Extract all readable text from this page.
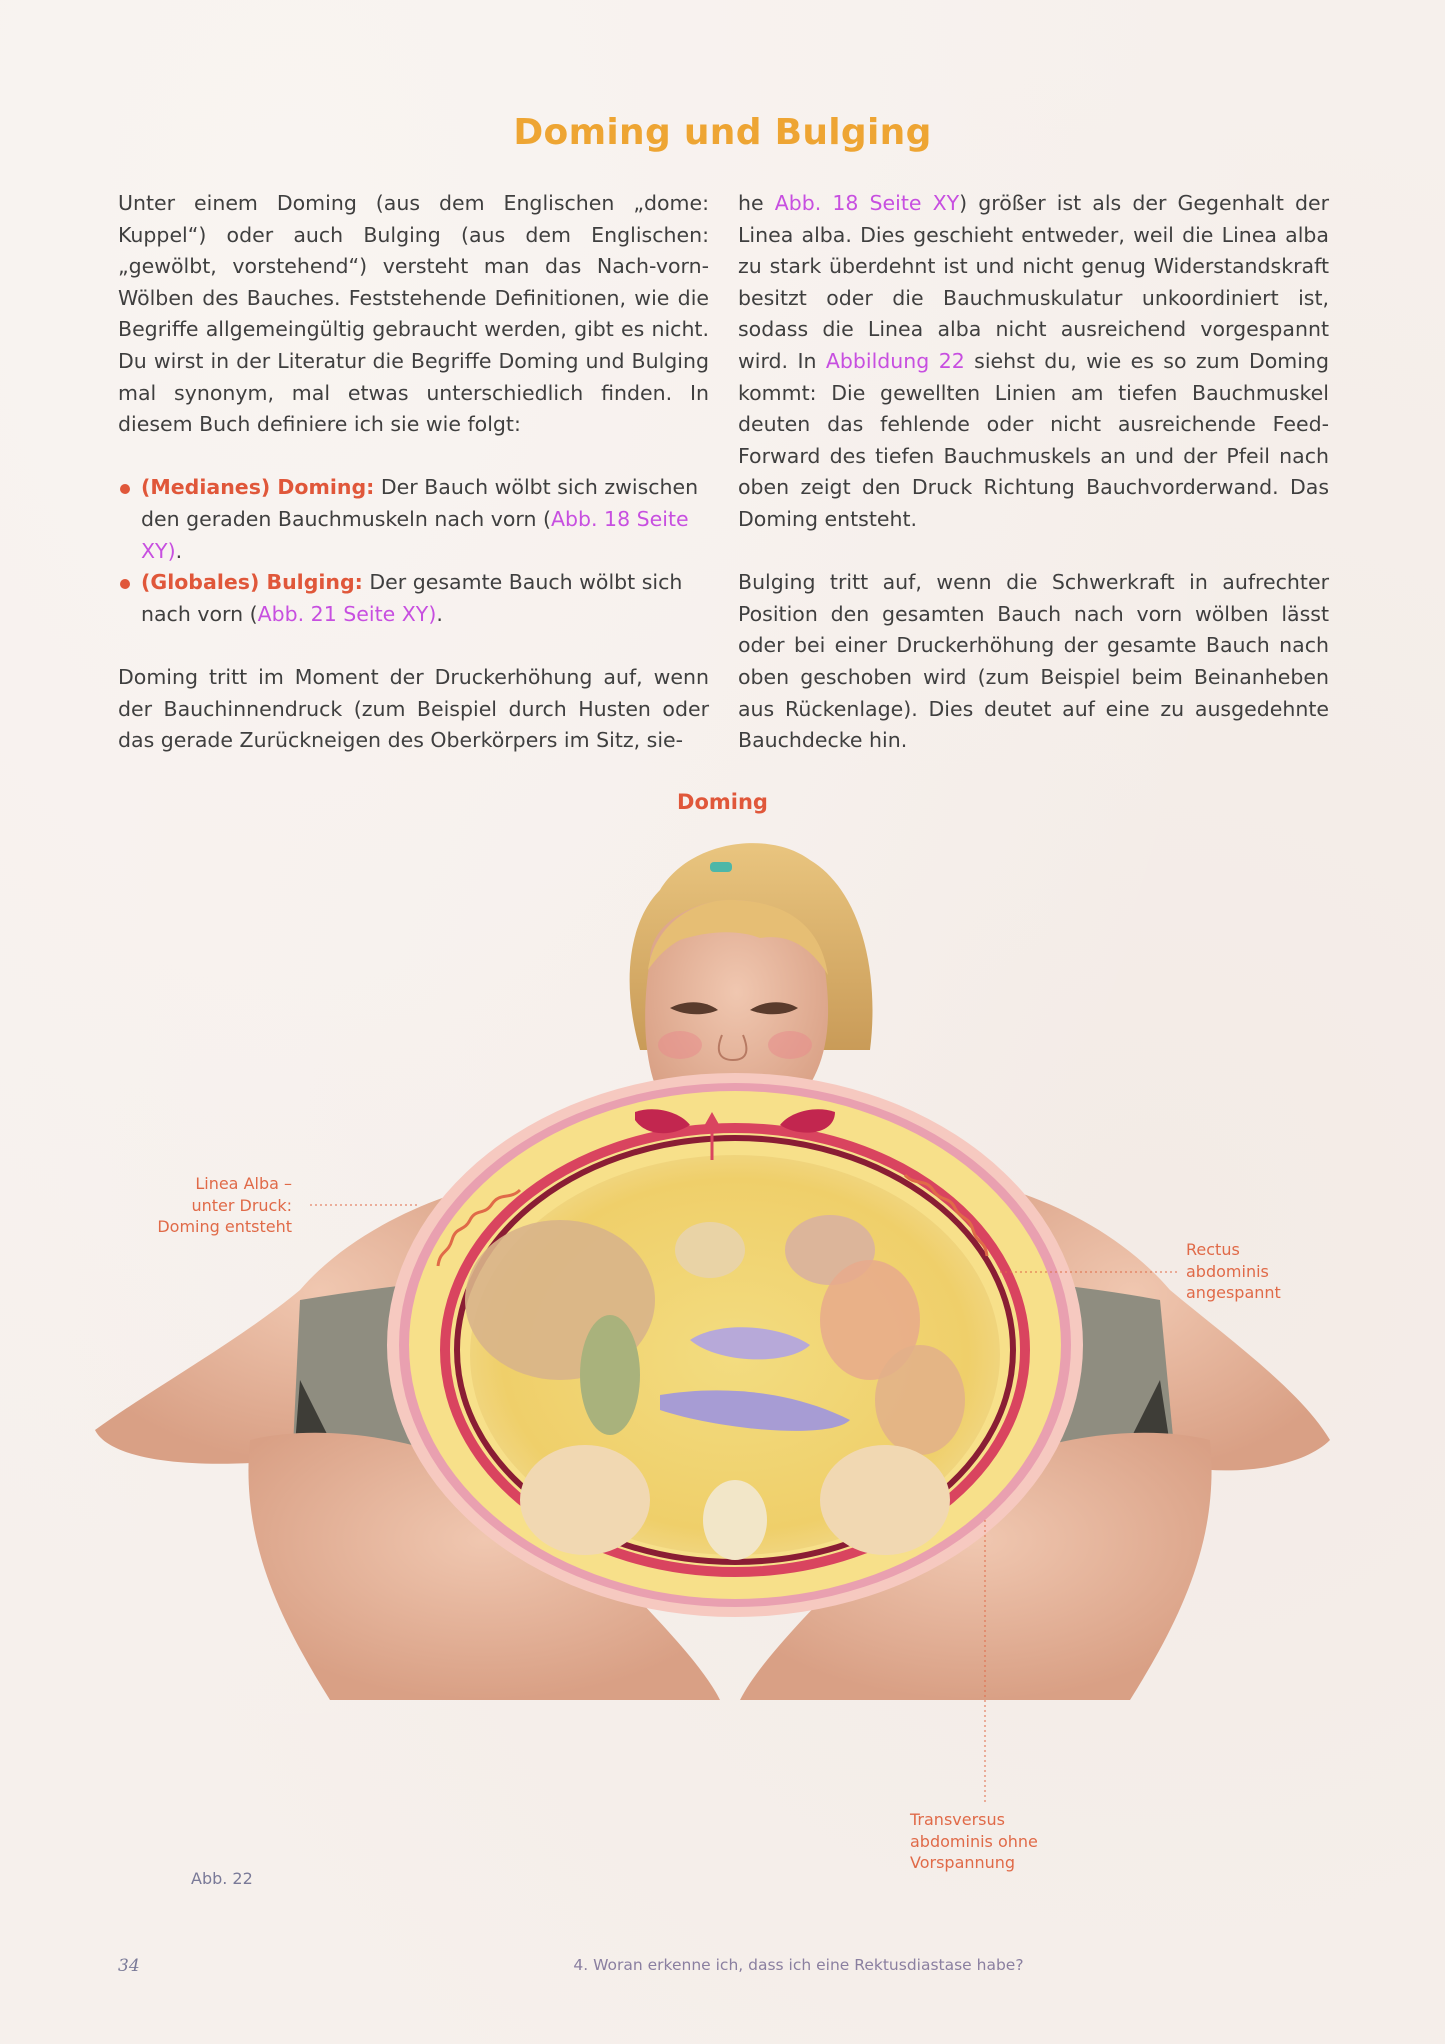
Doming und Bulging

Unter einem Doming (aus dem Englischen „dome: Kuppel“) oder auch Bulging (aus dem Englischen: „gewölbt, vorstehend“) versteht man das Nach-vorn-Wölben des Bauches. Feststehende Definitionen, wie die Begriffe allgemeingültig gebraucht werden, gibt es nicht. Du wirst in der Literatur die Begriffe Doming und Bulging mal synonym, mal etwas unterschiedlich finden. In diesem Buch definiere ich sie wie folgt:

(Medianes) Doming: Der Bauch wölbt sich zwischen den geraden Bauchmuskeln nach vorn (Abb. 18 Seite XY).
(Globales) Bulging: Der gesamte Bauch wölbt sich nach vorn (Abb. 21 Seite XY).

Doming tritt im Moment der Druckerhöhung auf, wenn der Bauchinnendruck (zum Beispiel durch Husten oder das gerade Zurückneigen des Oberkörpers im Sitz, sie-

he Abb. 18 Seite XY) größer ist als der Gegenhalt der Linea alba. Dies geschieht entweder, weil die Linea alba zu stark überdehnt ist und nicht genug Widerstandskraft besitzt oder die Bauchmuskulatur unkoordiniert ist, sodass die Linea alba nicht ausreichend vorgespannt wird. In Abbildung 22 siehst du, wie es so zum Doming kommt: Die gewellten Linien am tiefen Bauchmuskel deuten das fehlende oder nicht ausreichende Feed-Forward des tiefen Bauchmuskels an und der Pfeil nach oben zeigt den Druck Richtung Bauchvorderwand. Das Doming entsteht.

Bulging tritt auf, wenn die Schwerkraft in aufrechter Position den gesamten Bauch nach vorn wölben lässt oder bei einer Druckerhöhung der gesamte Bauch nach oben geschoben wird (zum Beispiel beim Beinanheben aus Rückenlage). Dies deutet auf eine zu ausgedehnte Bauchdecke hin.

Doming
Linea Alba –
unter Druck:
Doming entsteht
Rectus
abdominis
angespannt
Transversus
abdominis ohne
Vorspannung
Abb. 22
34	4. Woran erkenne ich, dass ich eine Rektusdiastase habe?
